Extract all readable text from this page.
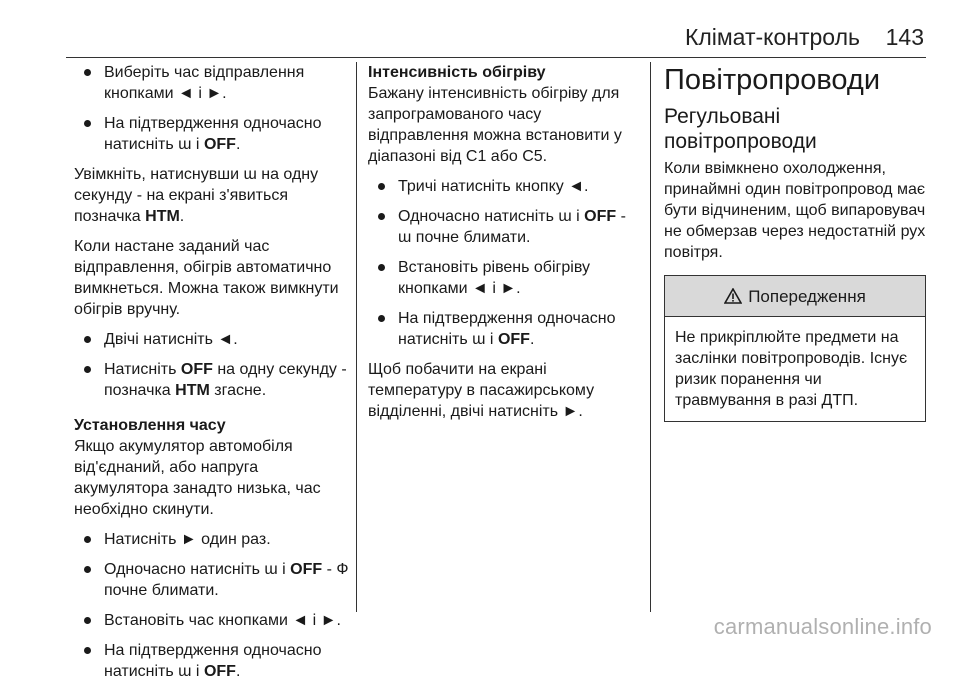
Клімат-контроль 143
Виберіть час відправлення кнопками ◄ і ►.
На підтвердження одночасно натисніть ɯ і OFF.
Увімкніть, натиснувши ɯ на одну секунду - на екрані з'явиться позначка HTM.
Коли настане заданий час відправлення, обігрів автоматично вимкнеться. Можна також вимкнути обігрів вручну.
Двічі натисніть ◄.
Натисніть OFF на одну секунду - позначка HTM згасне.
Установлення часу
Якщо акумулятор автомобіля від'єднаний, або напруга акумулятора занадто низька, час необхідно скинути.
Натисніть ► один раз.
Одночасно натисніть ɯ і OFF - Ф почне блимати.
Встановіть час кнопками ◄ і ►.
На підтвердження одночасно натисніть ɯ і OFF.
Інтенсивність обігріву
Бажану інтенсивність обігріву для запрограмованого часу відправлення можна встановити у діапазоні від C1 або C5.
Тричі натисніть кнопку ◄.
Одночасно натисніть ɯ і OFF - ɯ почне блимати.
Встановіть рівень обігріву кнопками ◄ і ►.
На підтвердження одночасно натисніть ɯ і OFF.
Щоб побачити на екрані температуру в пасажирському відділенні, двічі натисніть ►.
Повітропроводи
Регульовані повітропроводи
Коли ввімкнено охолодження, принаймні один повітропровод має бути відчиненим, щоб випаровувач не обмерзав через недостатній рух повітря.
Попередження
Не прикріплюйте предмети на заслінки повітропроводів. Існує ризик поранення чи травмування в разі ДТП.
carmanualsonline.info
